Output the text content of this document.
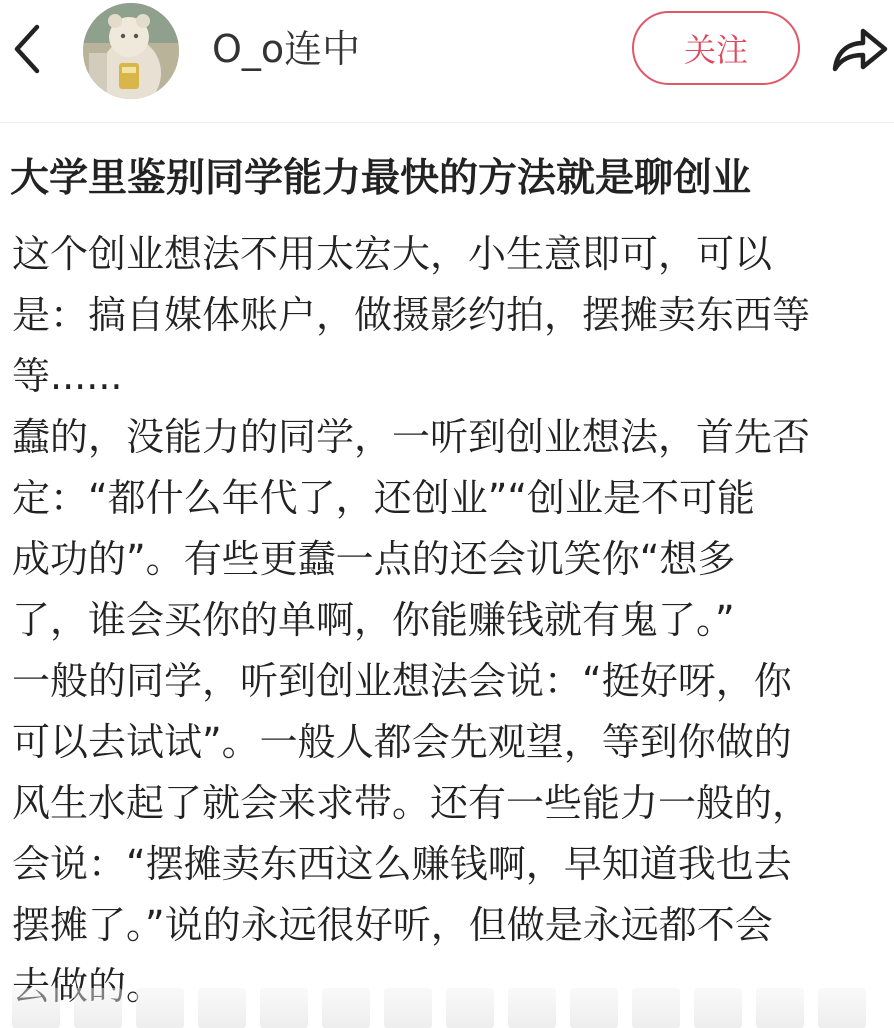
O_o连中	关注
大学里鉴别同学能力最快的方法就是聊创业

这个创业想法不用太宏大，小生意即可，可以

是：搞自媒体账户，做摄影约拍，摆摊卖东西等

等......

蠢的，没能力的同学，一听到创业想法，首先否

定：“都什么年代了，还创业”“创业是不可能

成功的”。有些更蠢一点的还会讥笑你“想多

了，谁会买你的单啊，你能赚钱就有鬼了。”

一般的同学，听到创业想法会说：“挺好呀，你

可以去试试”。一般人都会先观望，等到你做的

风生水起了就会来求带。还有一些能力一般的，

会说：“摆摊卖东西这么赚钱啊，早知道我也去

摆摊了。”说的永远很好听，但做是永远都不会

去做的。
